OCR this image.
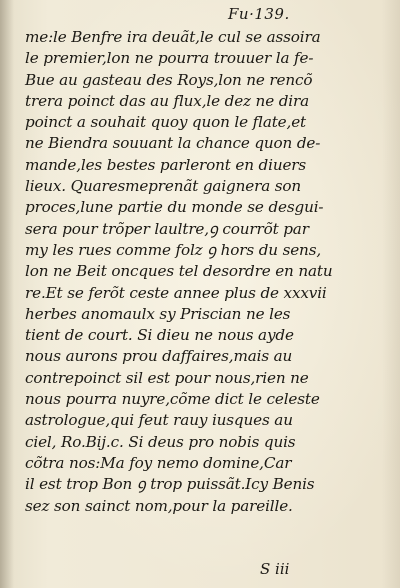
Fu·139.
me:le Benfre ira deuãt,le cul se assoira
le premier,lon ne pourra trouuer la fe-
Bue au gasteau des Roys,lon ne rencõ
trera poinct das au flux,le dez ne dira
poinct a souhait quoy quon le flate,et
ne Biendra souuant la chance quon de-
mande,les bestes parleront en diuers
lieux. Quaresmeprenãt gaignera son
proces,lune partie du monde se desgui-
sera pour trõper laultre,ꝯ courrõt par
my les rues comme folz ꝯ hors du sens,
lon ne Beit oncques tel desordre en natu
re.Et se ferõt cestе annee plus de xxxvii
herbes anomaulx sy Priscian ne les
tient de court. Si dieu ne nous ayde
nous aurons prou daffaires,mais au
contrepoinct sil est pour nous,rien ne
nous pourra nuyre,cõme dict le celeste
astrologue,qui feut rauy iusques au
ciel, Ro.Bij.c. Si deus pro nobis quis
cõtra nos:Ma foy nemo domine,Car
il est trop Bon ꝯ trop puissãt.Icy Benis
sez son sainct nom,pour la pareille.
S iii
